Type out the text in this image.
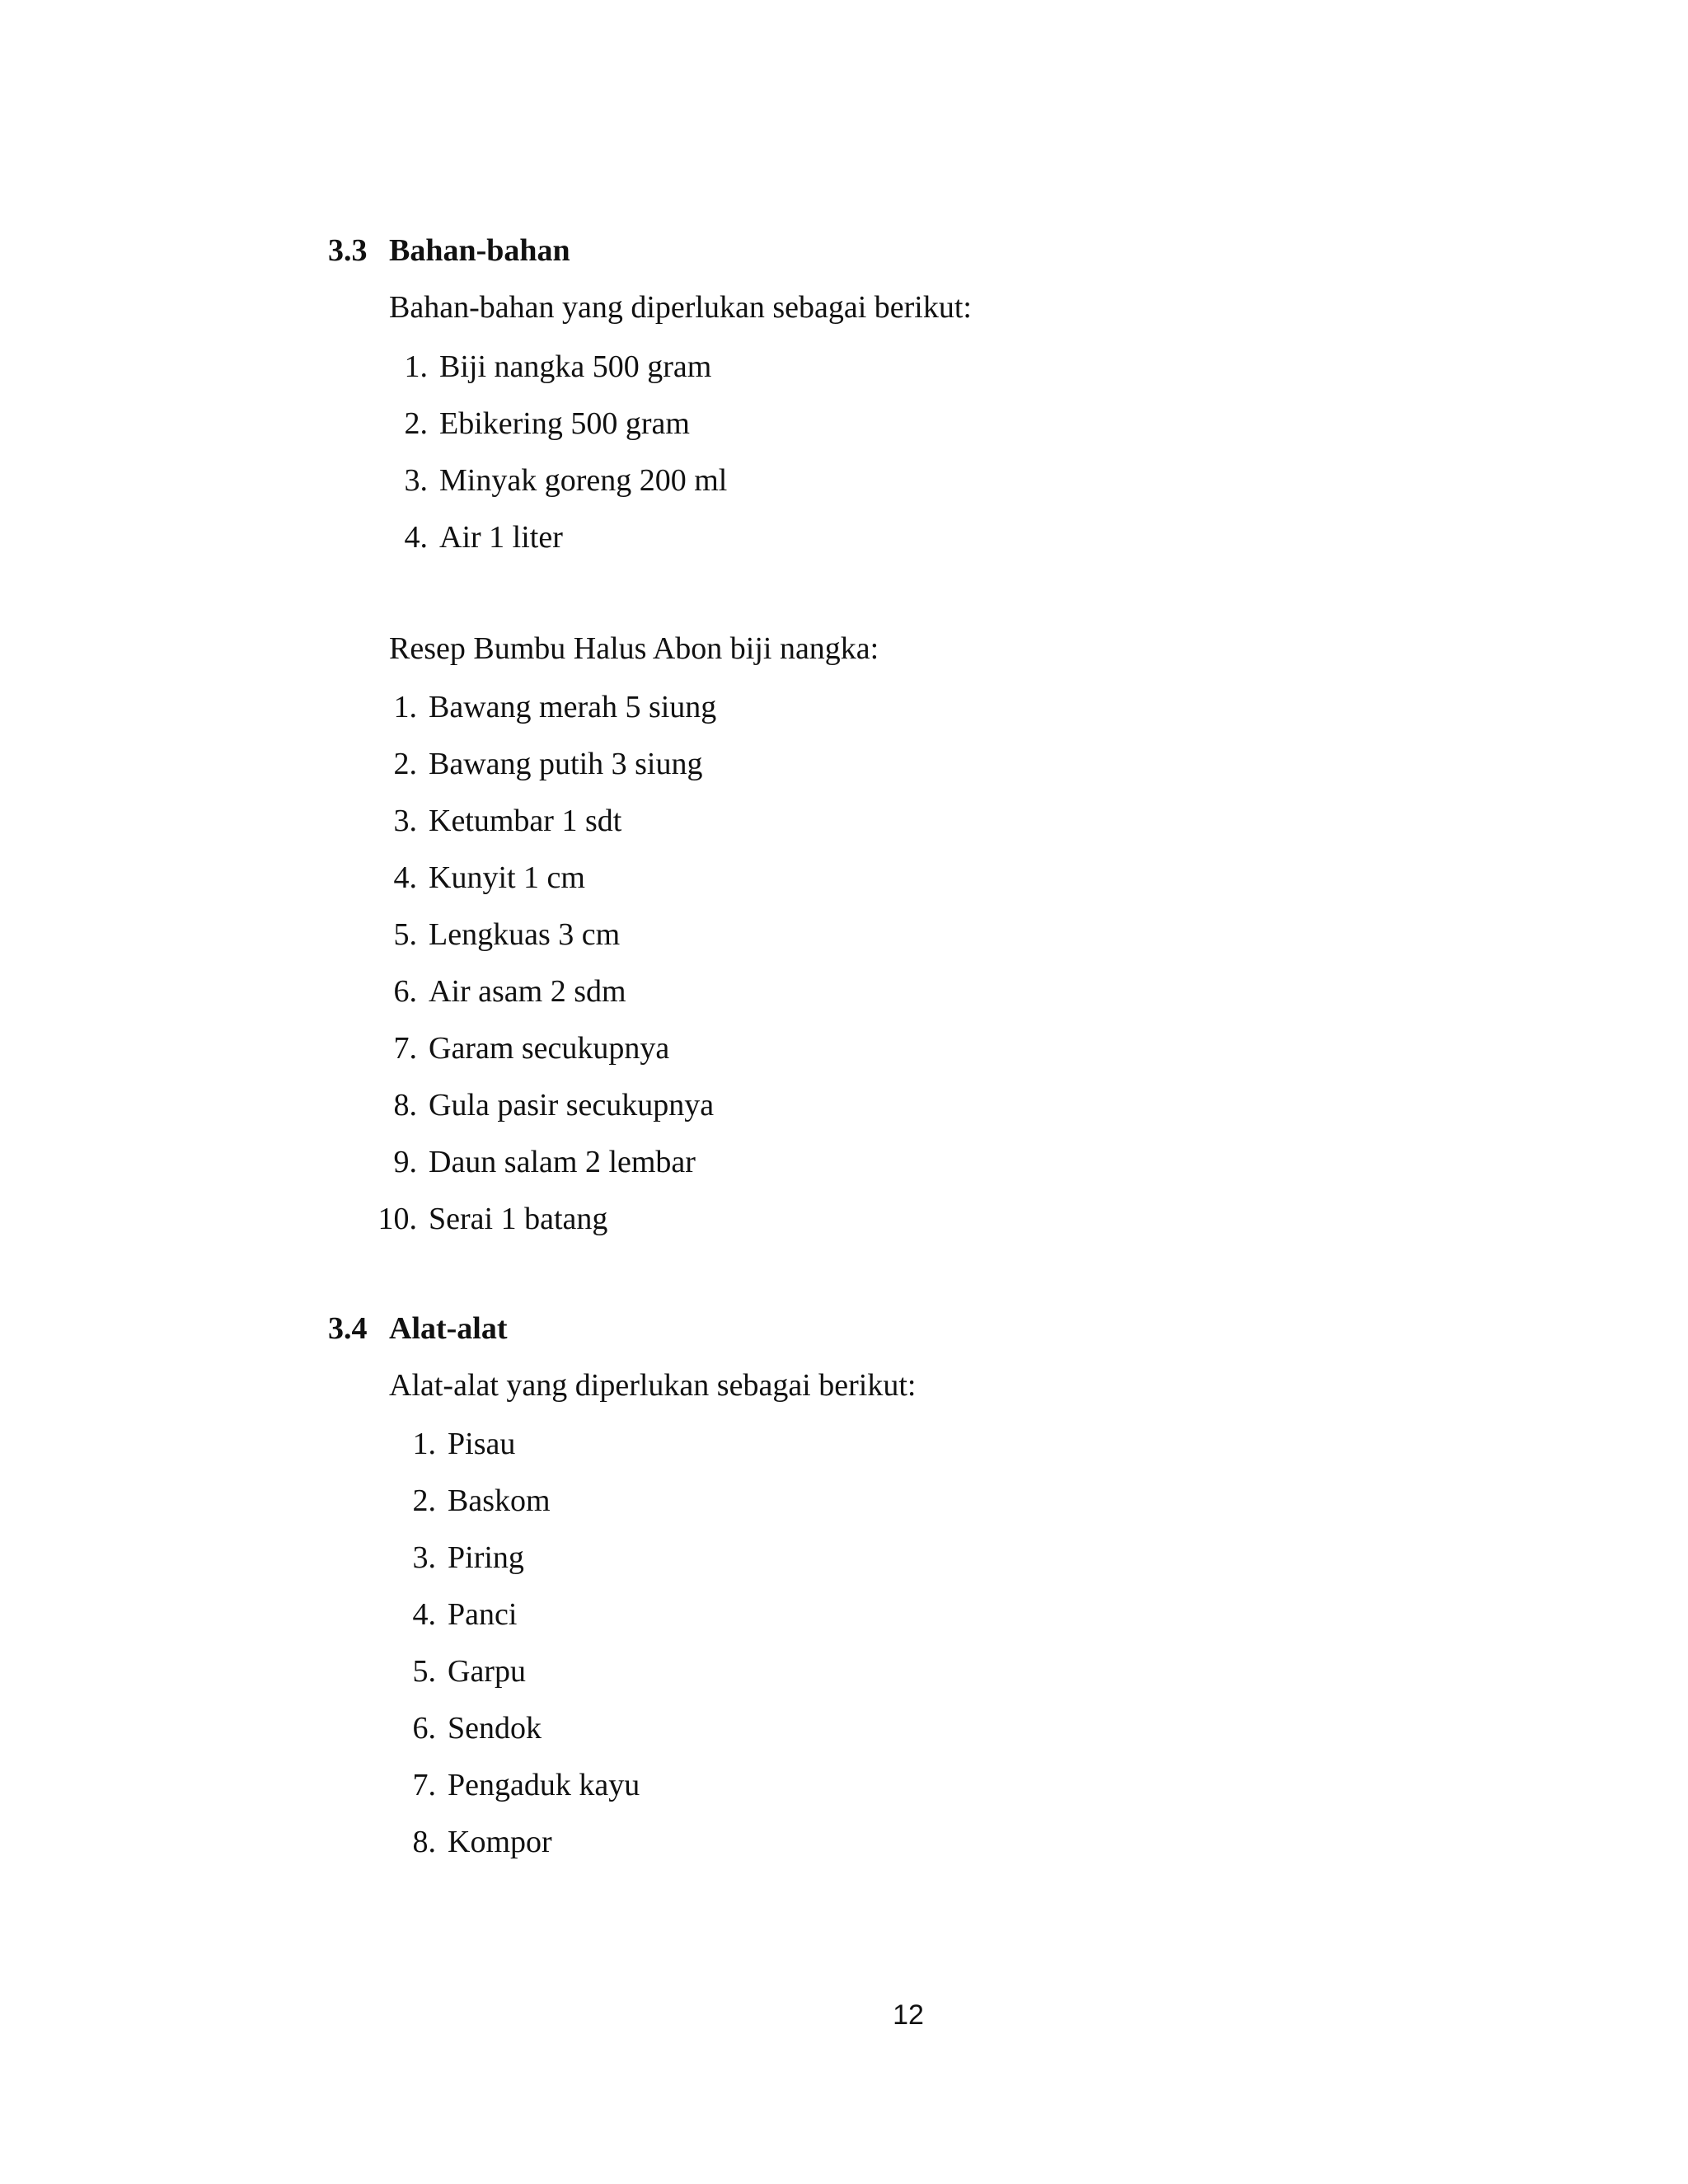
3.3 Bahan-bahan
Bahan-bahan yang diperlukan sebagai berikut:
1. Biji nangka 500 gram
2. Ebikering 500 gram
3. Minyak goreng 200 ml
4. Air 1 liter
Resep Bumbu Halus Abon biji nangka:
1. Bawang merah 5 siung
2. Bawang putih 3 siung
3. Ketumbar 1 sdt
4. Kunyit 1 cm
5. Lengkuas 3 cm
6. Air asam 2 sdm
7. Garam secukupnya
8. Gula pasir secukupnya
9. Daun salam 2 lembar
10. Serai 1 batang
3.4 Alat-alat
Alat-alat yang diperlukan sebagai berikut:
1. Pisau
2. Baskom
3. Piring
4. Panci
5. Garpu
6. Sendok
7. Pengaduk kayu
8. Kompor
12
